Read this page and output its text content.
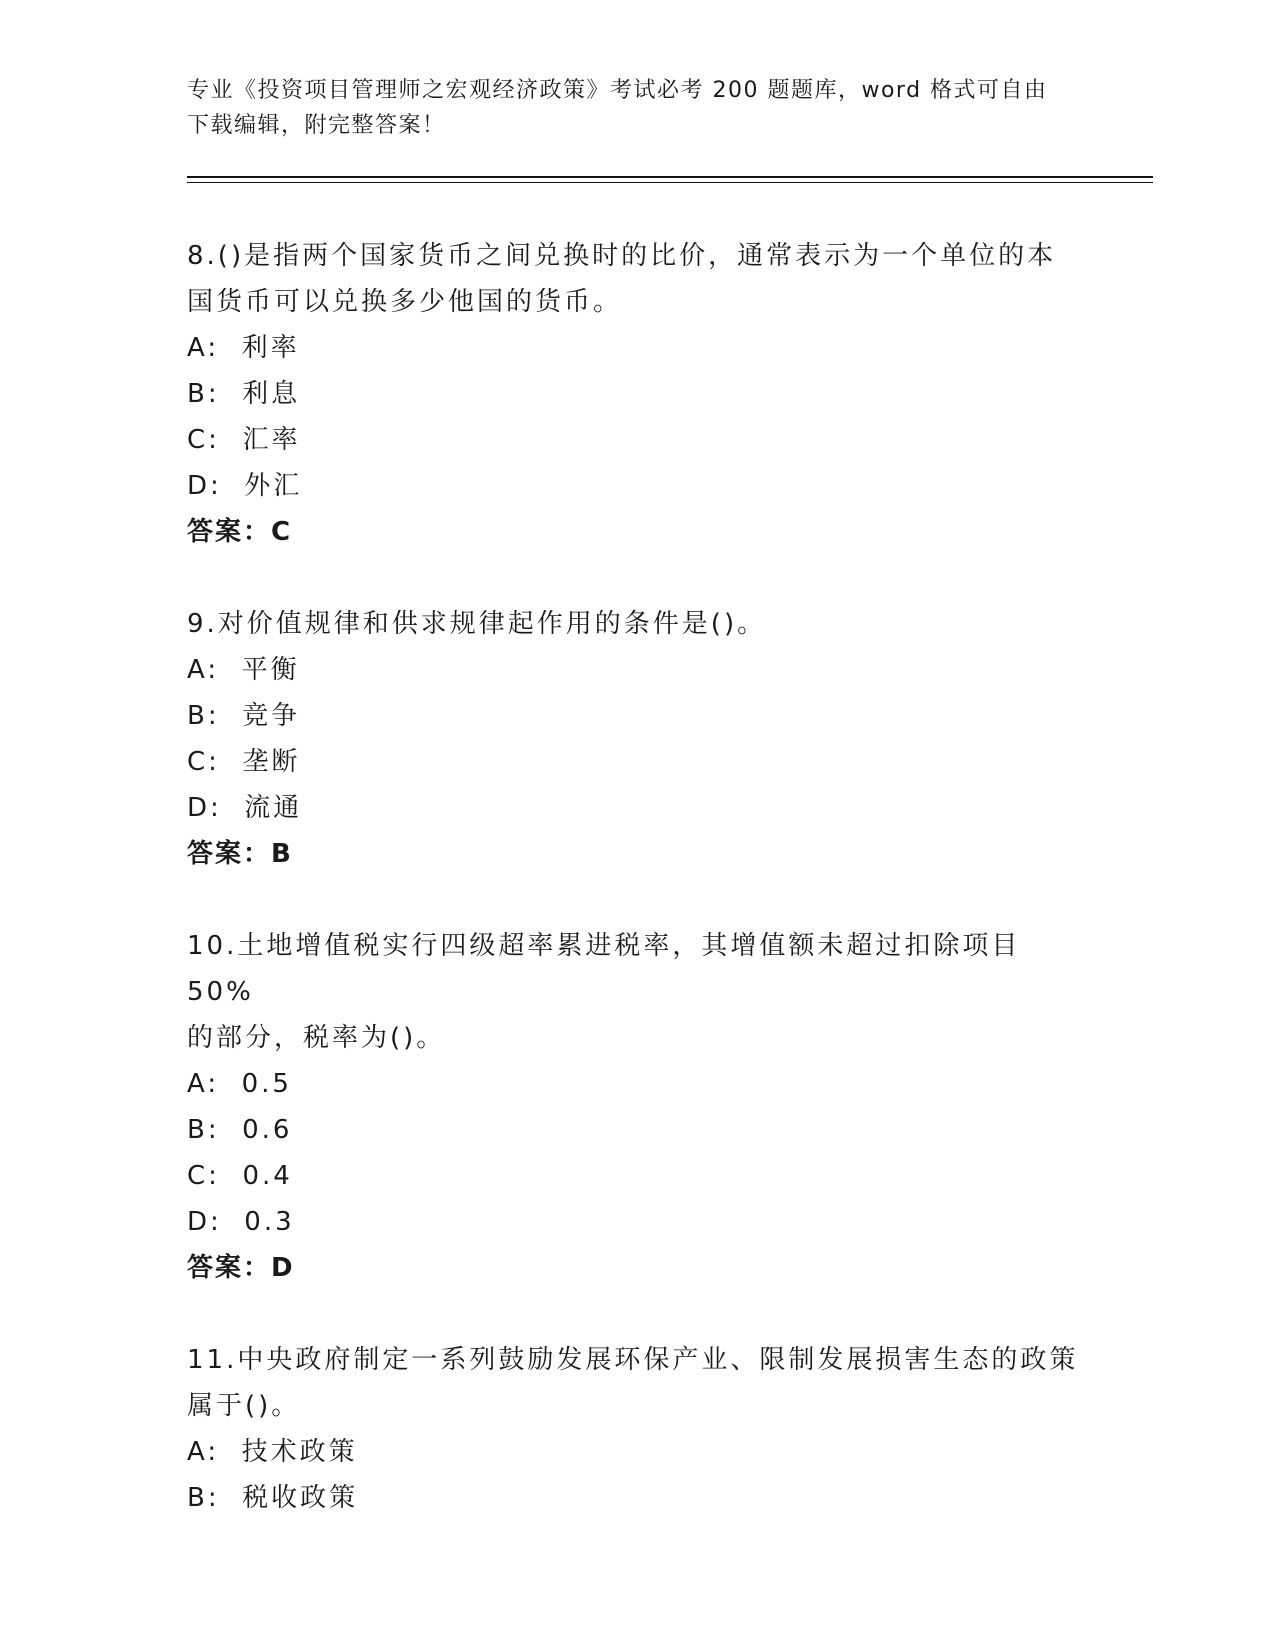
专业《投资项目管理师之宏观经济政策》考试必考 200 题题库，word 格式可自由
下载编辑，附完整答案！

8.()是指两个国家货币之间兑换时的比价，通常表示为一个单位的本

国货币可以兑换多少他国的货币。

A:  利率

B:  利息

C:  汇率

D:  外汇

答案：C

9.对价值规律和供求规律起作用的条件是()。

A:  平衡

B:  竞争

C:  垄断

D:  流通

答案：B

10.土地增值税实行四级超率累进税率，其增值额未超过扣除项目 50%

的部分，税率为()。

A:  0.5

B:  0.6

C:  0.4

D:  0.3

答案：D

11.中央政府制定一系列鼓励发展环保产业、限制发展损害生态的政策

属于()。

A:  技术政策

B:  税收政策
